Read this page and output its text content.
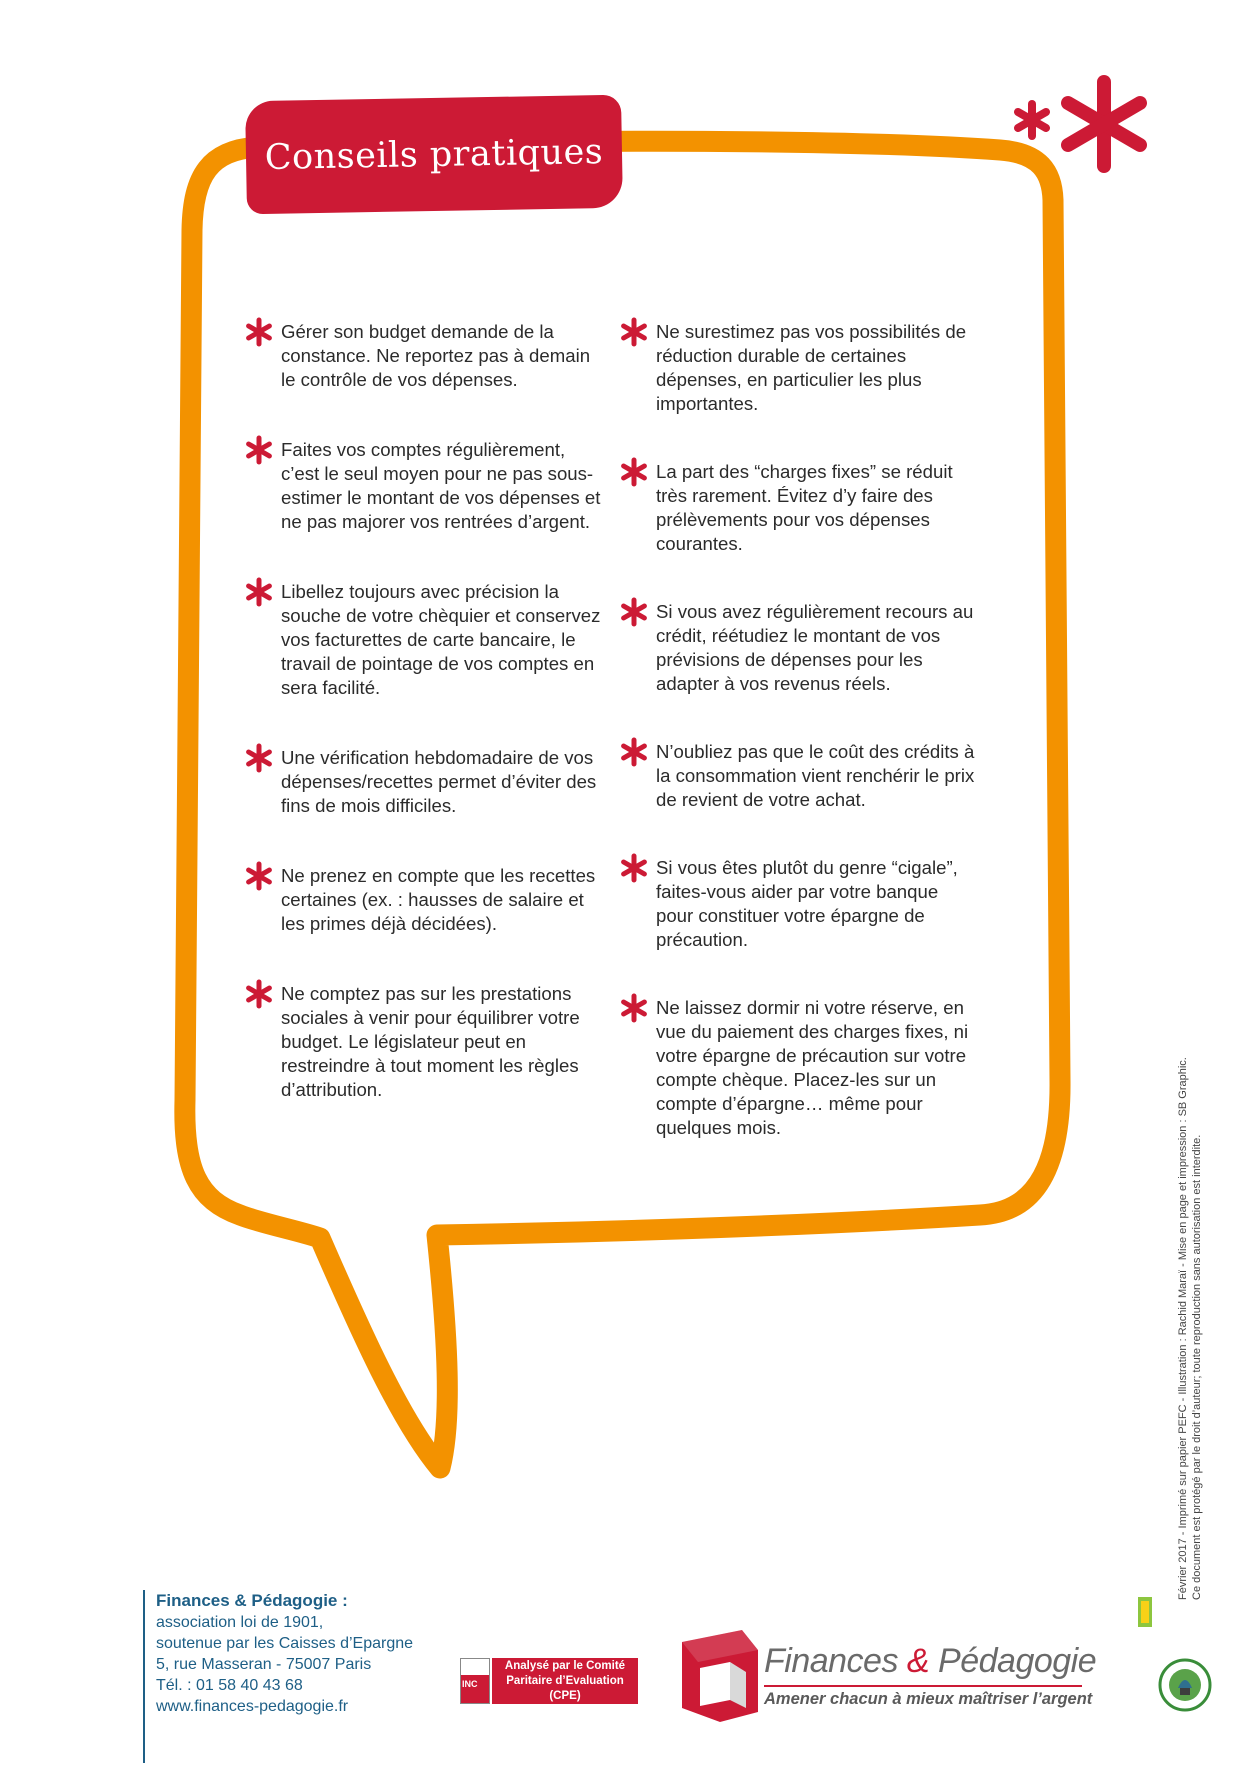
Conseils pratiques
Gérer son budget demande de la constance. Ne reportez pas à demain le contrôle de vos dépenses.
Faites vos comptes régulièrement, c’est le seul moyen pour ne pas sous-estimer le montant de vos dépenses et ne pas majorer vos rentrées d’argent.
Libellez toujours avec précision la souche de votre chèquier et conservez vos facturettes de carte bancaire, le travail de pointage de vos comptes en sera facilité.
Une vérification hebdomadaire de vos dépenses/recettes permet d’éviter des fins de mois difficiles.
Ne prenez en compte que les recettes certaines (ex. : hausses de salaire et les primes déjà décidées).
Ne comptez pas sur les prestations sociales à venir pour équilibrer votre budget. Le législateur peut en restreindre à tout moment les règles d’attribution.
Ne surestimez pas vos possibilités de réduction durable de certaines dépenses, en particulier les plus importantes.
La part des “charges fixes” se réduit très rarement. Évitez d’y faire des prélèvements pour vos dépenses courantes.
Si vous avez régulièrement recours au crédit, réétudiez le montant de vos prévisions de dépenses pour les adapter à vos revenus réels.
N’oubliez pas que le coût des crédits à la consommation vient renchérir le prix de revient de votre achat.
Si vous êtes plutôt du genre “cigale”, faites-vous aider par votre banque pour constituer votre épargne de précaution.
Ne laissez dormir ni votre réserve, en vue du paiement des charges fixes, ni votre épargne de précaution sur votre compte chèque. Placez-les sur un compte d’épargne… même pour quelques mois.
Finances & Pédagogie :
association loi de 1901,
soutenue par les Caisses d’Epargne
5, rue Masseran - 75007 Paris
Tél. : 01 58 40 43 68
www.finances-pedagogie.fr
INC
Analysé par le Comité
Paritaire d’Evaluation (CPE)
Finances & Pédagogie
Amener chacun à mieux maîtriser l’argent

Février 2017 - Imprimé sur papier PEFC - Illustration : Rachid Maraï - Mise en page et impression : SB Graphic. Ce document est protégé par le droit d’auteur; toute reproduction sans autorisation est interdite.
